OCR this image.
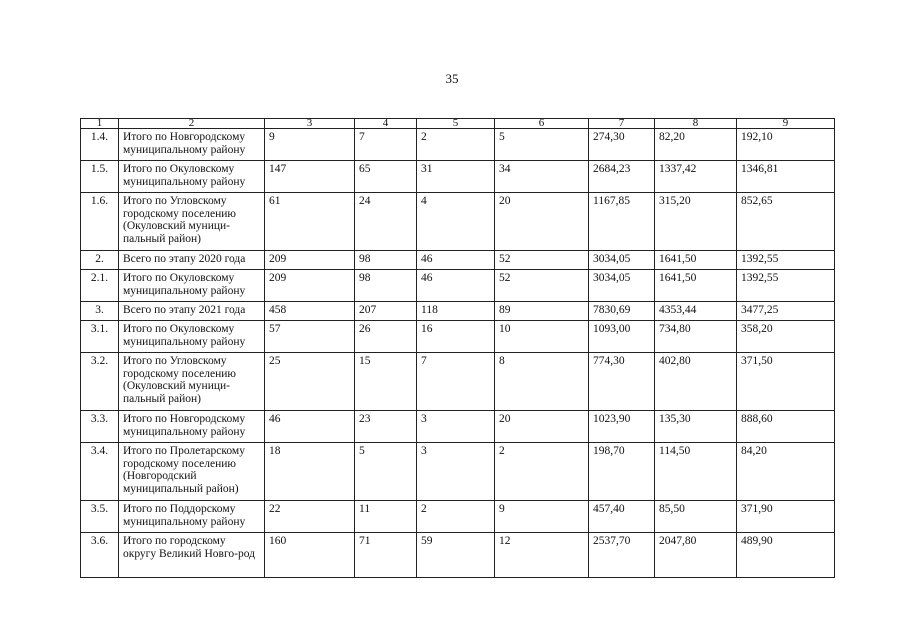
35
1	2	3	4	5	6	7	8	9
1.4.	Итого по Новгородскому муниципальному району	9	7	2	5	274,30	82,20	192,10
1.5.	Итого по Окуловскому муниципальному району	147	65	31	34	2684,23	1337,42	1346,81
1.6.	Итого по Угловскому городскому поселению (Окуловский муници-пальный район)	61	24	4	20	1167,85	315,20	852,65
2.	Всего по этапу 2020 года	209	98	46	52	3034,05	1641,50	1392,55
2.1.	Итого по Окуловскому муниципальному району	209	98	46	52	3034,05	1641,50	1392,55
3.	Всего по этапу 2021 года	458	207	118	89	7830,69	4353,44	3477,25
3.1.	Итого по Окуловскому муниципальному району	57	26	16	10	1093,00	734,80	358,20
3.2.	Итого по Угловскому городскому поселению (Окуловский муници-пальный район)	25	15	7	8	774,30	402,80	371,50
3.3.	Итого по Новгородскому муниципальному району	46	23	3	20	1023,90	135,30	888,60
3.4.	Итого по Пролетарскому городскому поселению (Новгородский муниципальный район)	18	5	3	2	198,70	114,50	84,20
3.5.	Итого по Поддорскому муниципальному району	22	11	2	9	457,40	85,50	371,90
3.6.	Итого по городскому округу Великий Новго-род	160	71	59	12	2537,70	2047,80	489,90
